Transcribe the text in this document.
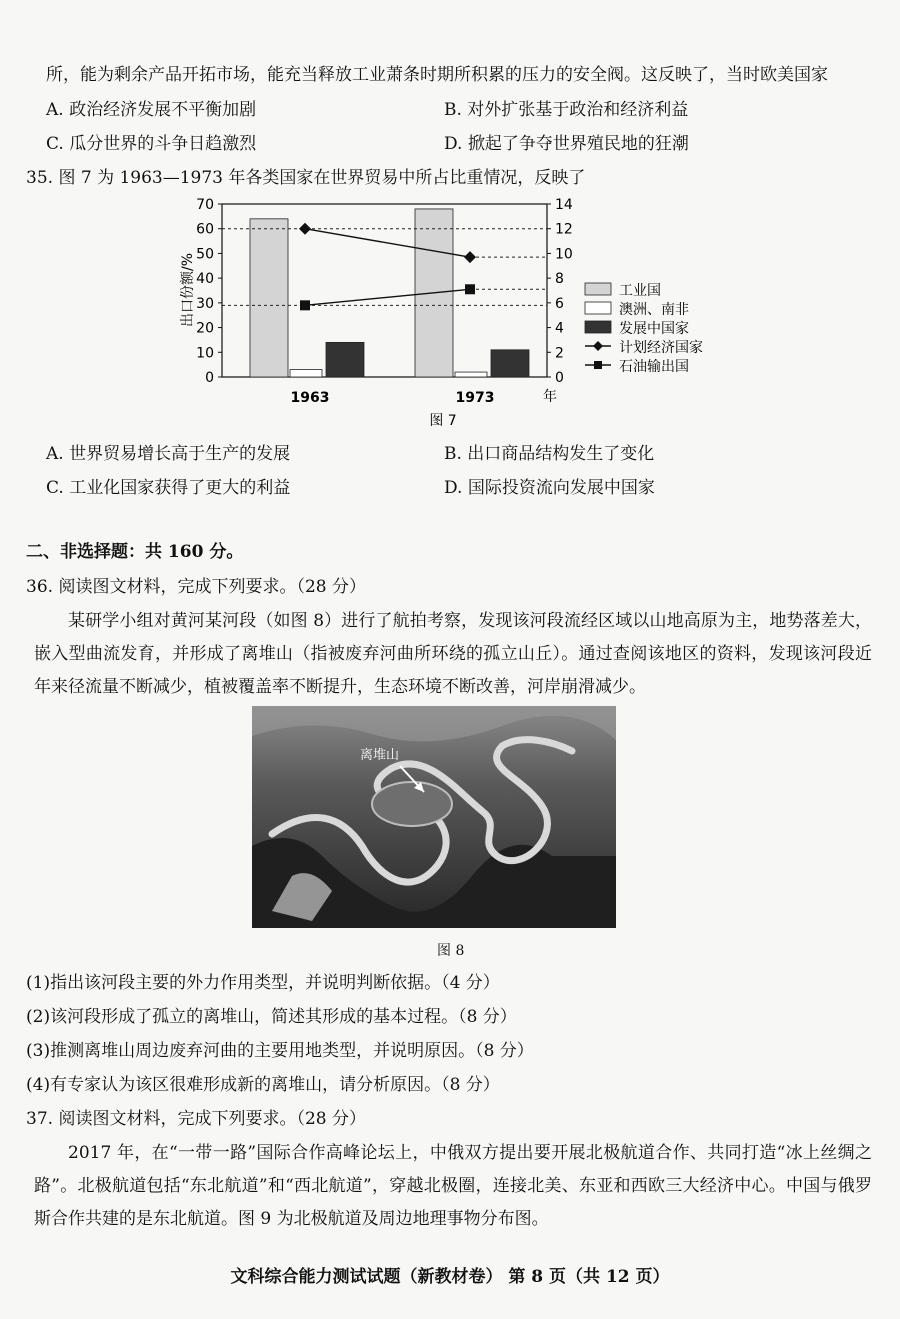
所，能为剩余产品开拓市场，能充当释放工业萧条时期所积累的压力的安全阀。这反映了，当时欧美国家
A. 政治经济发展不平衡加剧	B. 对外扩张基于政治和经济利益
C. 瓜分世界的斗争日趋激烈	D. 掀起了争夺世界殖民地的狂潮
35. 图 7 为 1963—1973 年各类国家在世界贸易中所占比重情况，反映了
70
60
50
40
30
20
10
0
14
12
10
8
6
4
2
0
出口份额/%
1963	1973	年
工业国
澳洲、南非
发展中国家
计划经济国家
石油输出国
图 7
A. 世界贸易增长高于生产的发展	B. 出口商品结构发生了变化
C. 工业化国家获得了更大的利益	D. 国际投资流向发展中国家
二、非选择题：共 160 分。
36. 阅读图文材料，完成下列要求。（28 分）
某研学小组对黄河某河段（如图 8）进行了航拍考察，发现该河段流经区域以山地高原为主，地势落差大，嵌入型曲流发育，并形成了离堆山（指被废弃河曲所环绕的孤立山丘）。通过查阅该地区的资料，发现该河段近年来径流量不断减少，植被覆盖率不断提升，生态环境不断改善，河岸崩滑减少。
离堆山
图 8
(1)指出该河段主要的外力作用类型，并说明判断依据。（4 分）
(2)该河段形成了孤立的离堆山，简述其形成的基本过程。（8 分）
(3)推测离堆山周边废弃河曲的主要用地类型，并说明原因。（8 分）
(4)有专家认为该区很难形成新的离堆山，请分析原因。（8 分）
37. 阅读图文材料，完成下列要求。（28 分）
2017 年，在“一带一路”国际合作高峰论坛上，中俄双方提出要开展北极航道合作、共同打造“冰上丝绸之路”。北极航道包括“东北航道”和“西北航道”，穿越北极圈，连接北美、东亚和西欧三大经济中心。中国与俄罗斯合作共建的是东北航道。图 9 为北极航道及周边地理事物分布图。
文科综合能力测试试题（新教材卷） 第 8 页（共 12 页）
